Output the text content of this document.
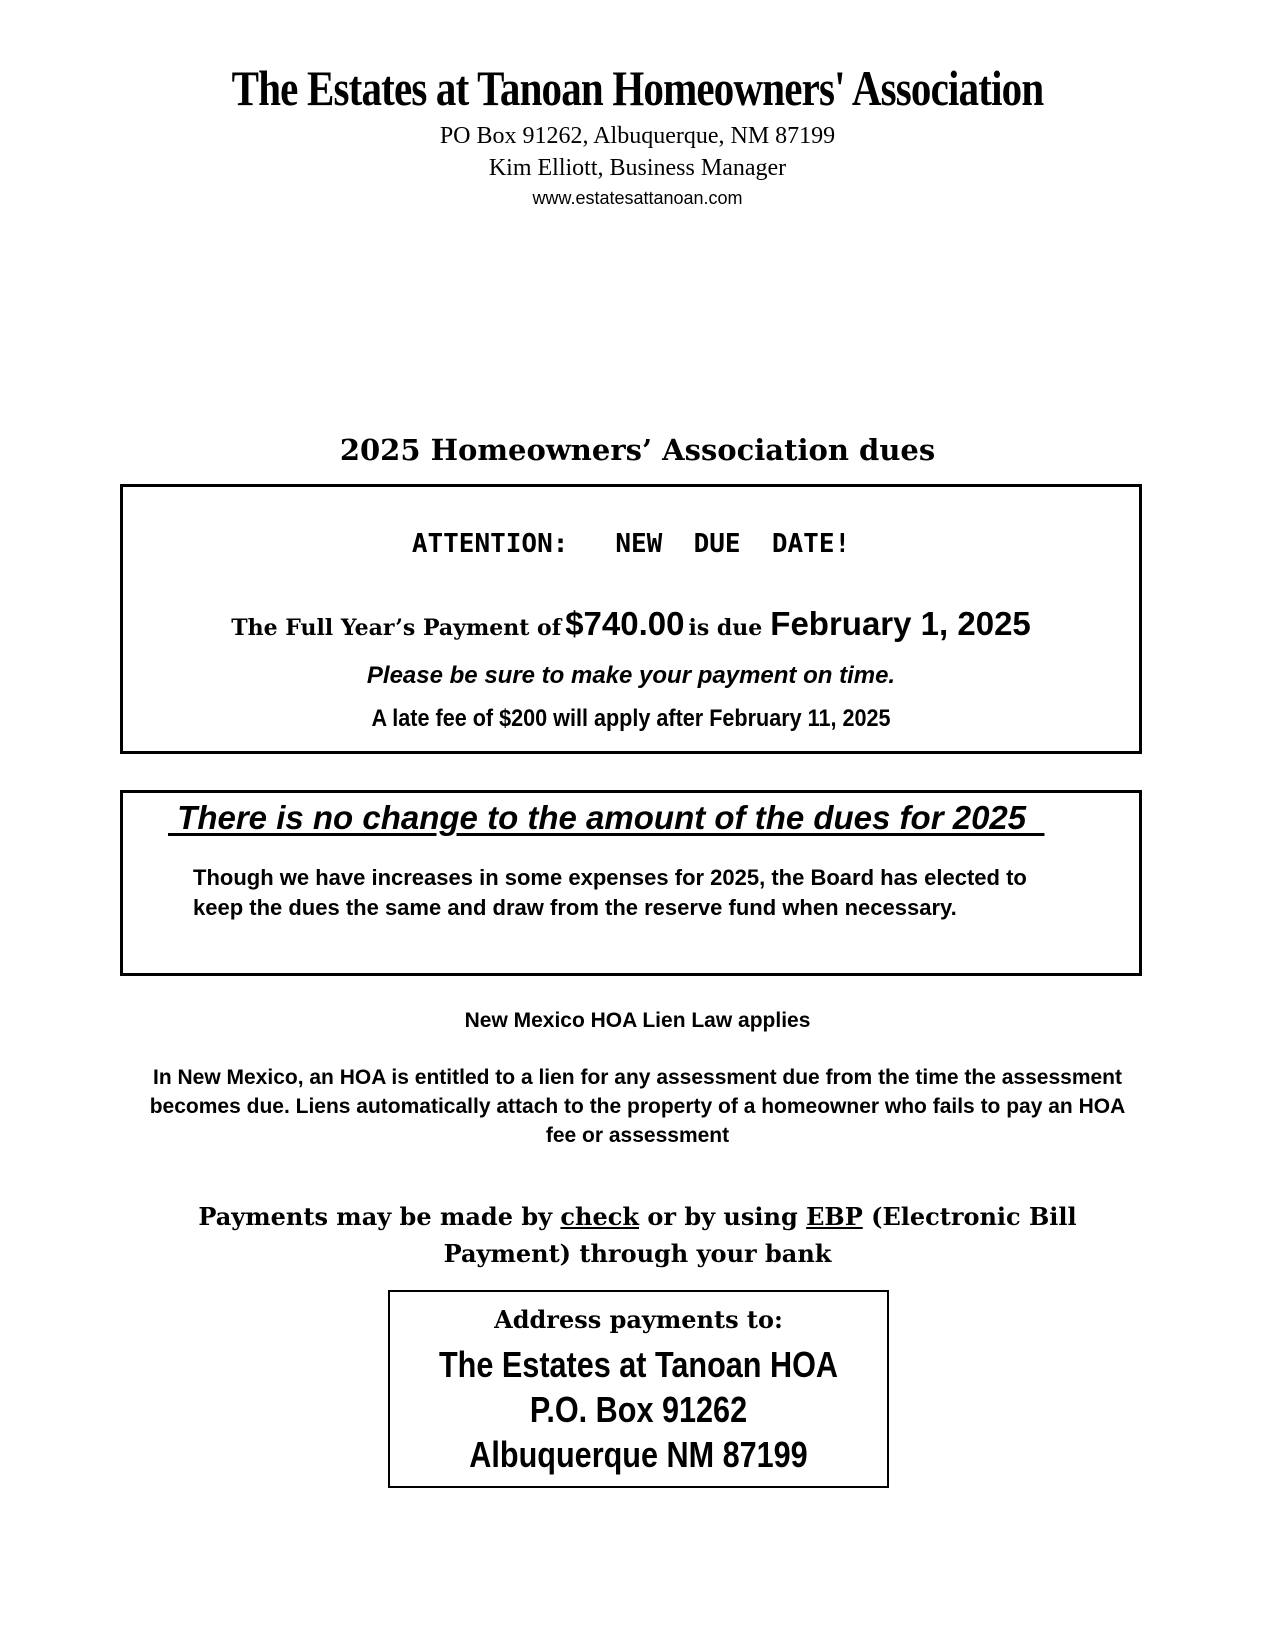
The Estates at Tanoan Homeowners' Association
PO Box 91262, Albuquerque, NM 87199
Kim Elliott, Business Manager
www.estatesattanoan.com
2025 Homeowners’ Association dues
ATTENTION:   NEW  DUE  DATE!
The Full Year’s Payment of $740.00 is due February 1, 2025
Please be sure to make your payment on time.
A late fee of $200 will apply after February 11, 2025
There is no change to the amount of the dues for 2025
Though we have increases in some expenses for 2025, the Board has elected to keep the dues the same and draw from the reserve fund when necessary.
New Mexico HOA Lien Law applies
In New Mexico, an HOA is entitled to a lien for any assessment due from the time the assessment becomes due. Liens automatically attach to the property of a homeowner who fails to pay an HOA fee or assessment
Payments may be made by check or by using EBP (Electronic Bill Payment) through your bank
Address payments to:
The Estates at Tanoan HOA
P.O. Box 91262
Albuquerque NM 87199
